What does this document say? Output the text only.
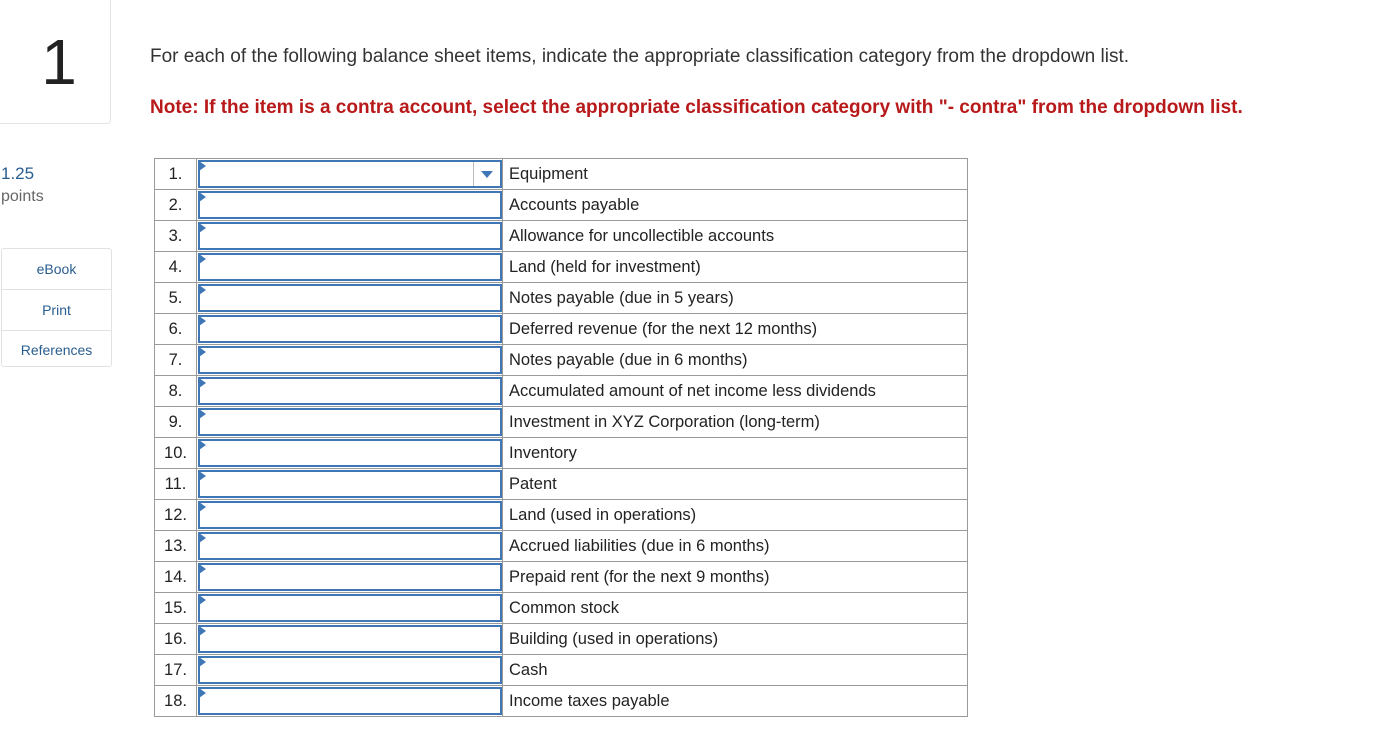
1
1.25
points
eBook
Print
References
For each of the following balance sheet items, indicate the appropriate classification category from the dropdown list.
Note: If the item is a contra account, select the appropriate classification category with "- contra" from the dropdown list.
1.		Equipment
2.		Accounts payable
3.		Allowance for uncollectible accounts
4.		Land (held for investment)
5.		Notes payable (due in 5 years)
6.		Deferred revenue (for the next 12 months)
7.		Notes payable (due in 6 months)
8.		Accumulated amount of net income less dividends
9.		Investment in XYZ Corporation (long-term)
10.		Inventory
11.		Patent
12.		Land (used in operations)
13.		Accrued liabilities (due in 6 months)
14.		Prepaid rent (for the next 9 months)
15.		Common stock
16.		Building (used in operations)
17.		Cash
18.		Income taxes payable
